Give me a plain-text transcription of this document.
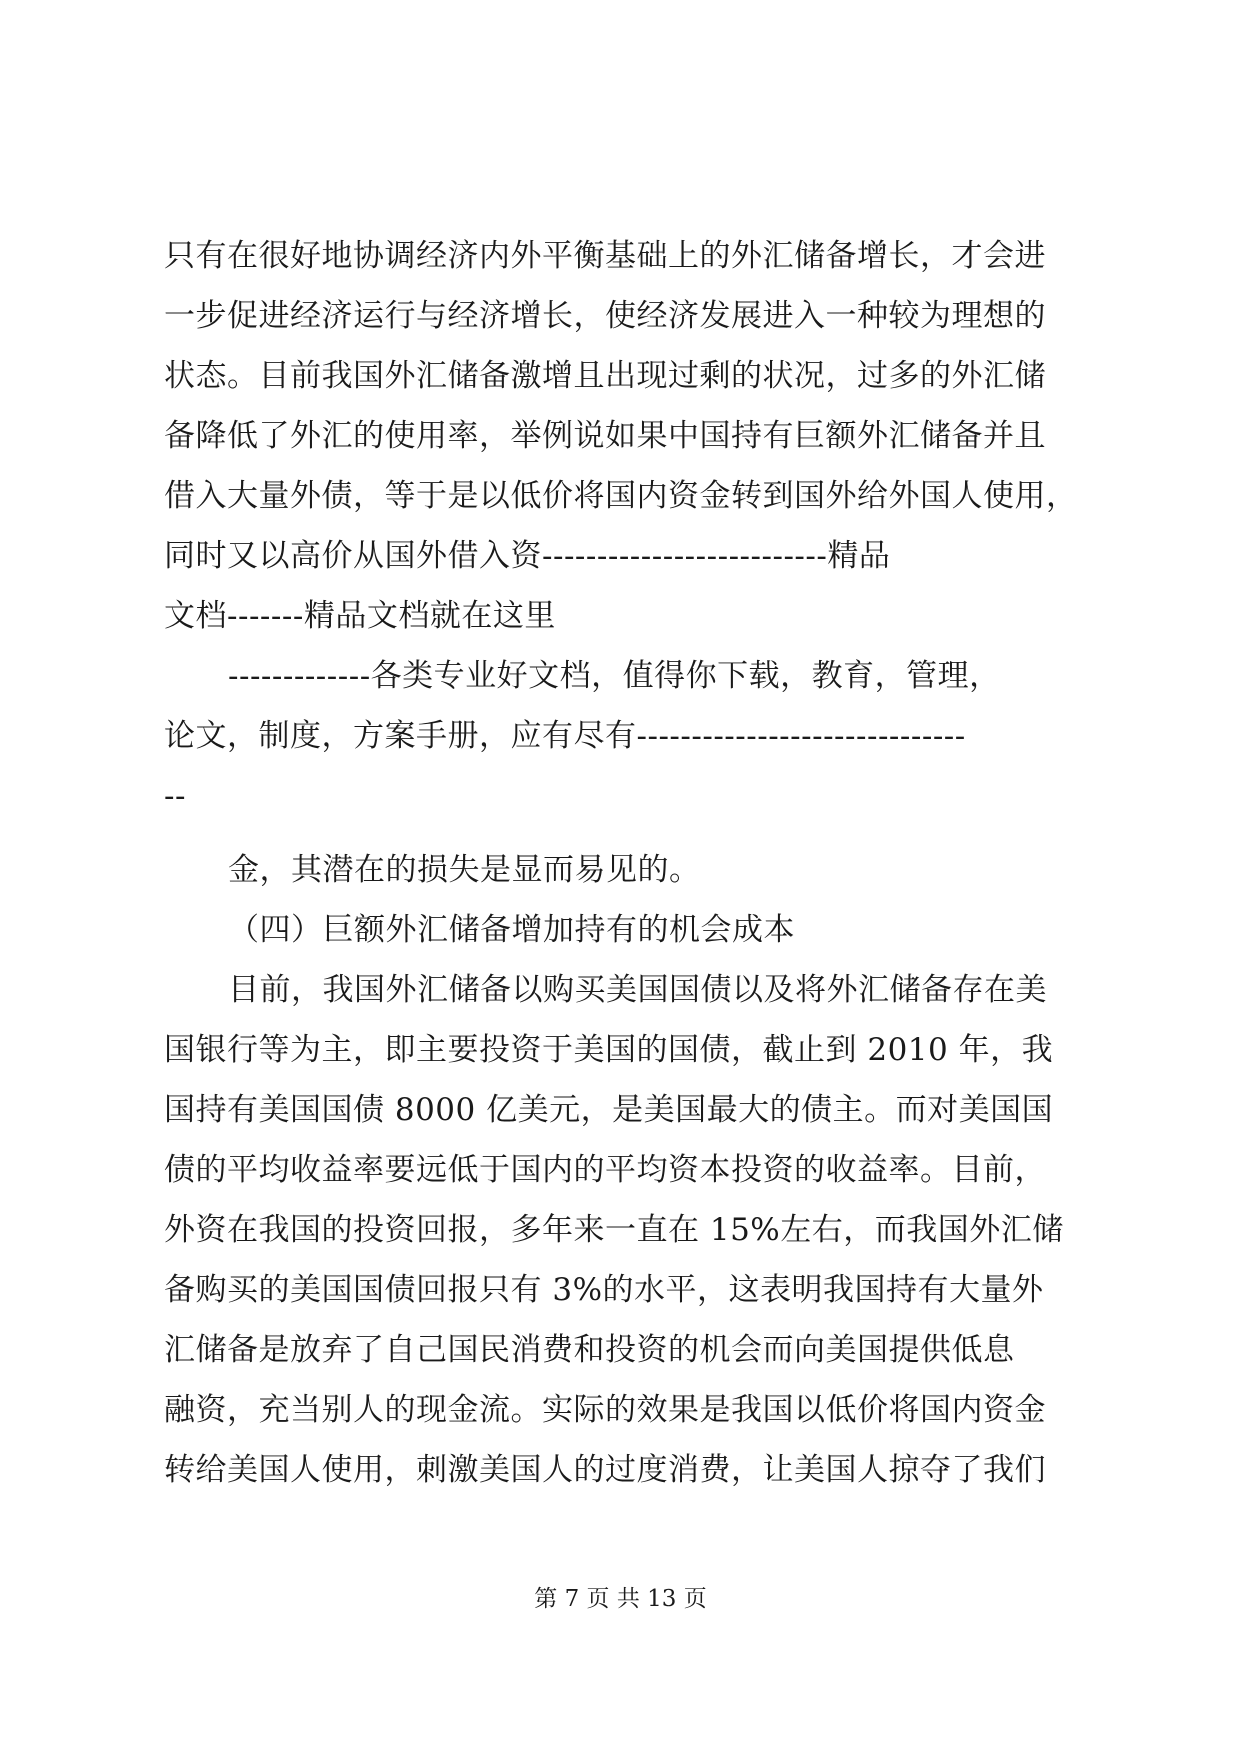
只有在很好地协调经济内外平衡基础上的外汇储备增长，才会进
一步促进经济运行与经济增长，使经济发展进入一种较为理想的
状态。目前我国外汇储备激增且出现过剩的状况，过多的外汇储
备降低了外汇的使用率，举例说如果中国持有巨额外汇储备并且
借入大量外债，等于是以低价将国内资金转到国外给外国人使用，
同时又以高价从国外借入资--------------------------精品
文档-------精品文档就在这里
-------------各类专业好文档，值得你下载，教育，管理，
论文，制度，方案手册，应有尽有------------------------------
--
金，其潜在的损失是显而易见的。
（四）巨额外汇储备增加持有的机会成本
目前，我国外汇储备以购买美国国债以及将外汇储备存在美
国银行等为主，即主要投资于美国的国债，截止到 2010 年，我
国持有美国国债 8000 亿美元，是美国最大的债主。而对美国国
债的平均收益率要远低于国内的平均资本投资的收益率。目前，
外资在我国的投资回报，多年来一直在 15%左右，而我国外汇储
备购买的美国国债回报只有 3%的水平，这表明我国持有大量外
汇储备是放弃了自己国民消费和投资的机会而向美国提供低息
融资，充当别人的现金流。实际的效果是我国以低价将国内资金
转给美国人使用，刺激美国人的过度消费，让美国人掠夺了我们
第 7 页 共 13 页
